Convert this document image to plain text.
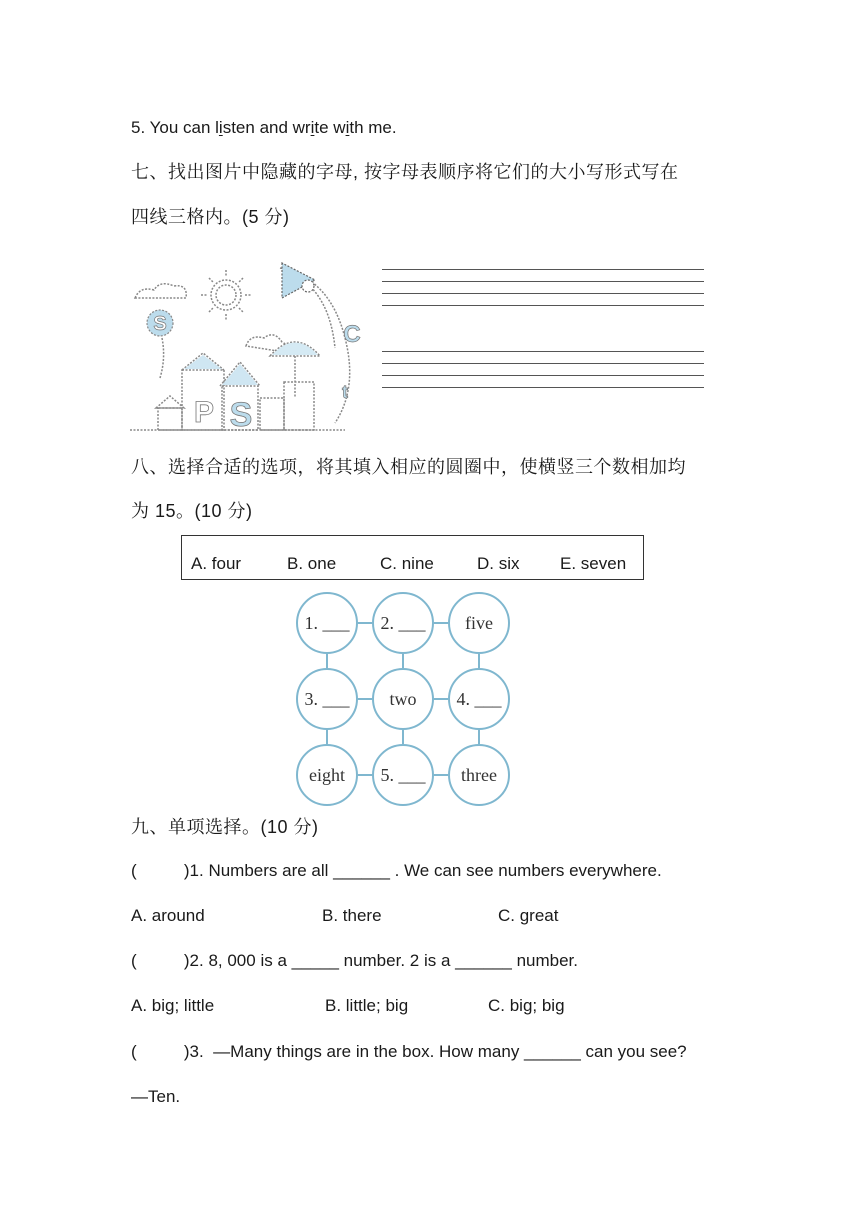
5. You can listen and write with me.
七、找出图片中隐藏的字母, 按字母表顺序将它们的大小写形式写在
四线三格内。(5 分)
S	C
t
P S
八、选择合适的选项，将其填入相应的圆圈中，使横竖三个数相加均
为 15。(10 分)
A. four	B. one	C. nine	D. six E. seven
1. ___	2. ___	five
3. ___	two	4. ___
eight	5. ___	three
九、单项选择。(10 分)
(          )1. Numbers are all ______ . We can see numbers everywhere.
A. around	B. there	C. great
(          )2. 8, 000 is a _____ number. 2 is a ______ number.
A. big; little	B. little; big	C. big; big
(          )3.  —Many things are in the box. How many ______ can you see?
—Ten.
